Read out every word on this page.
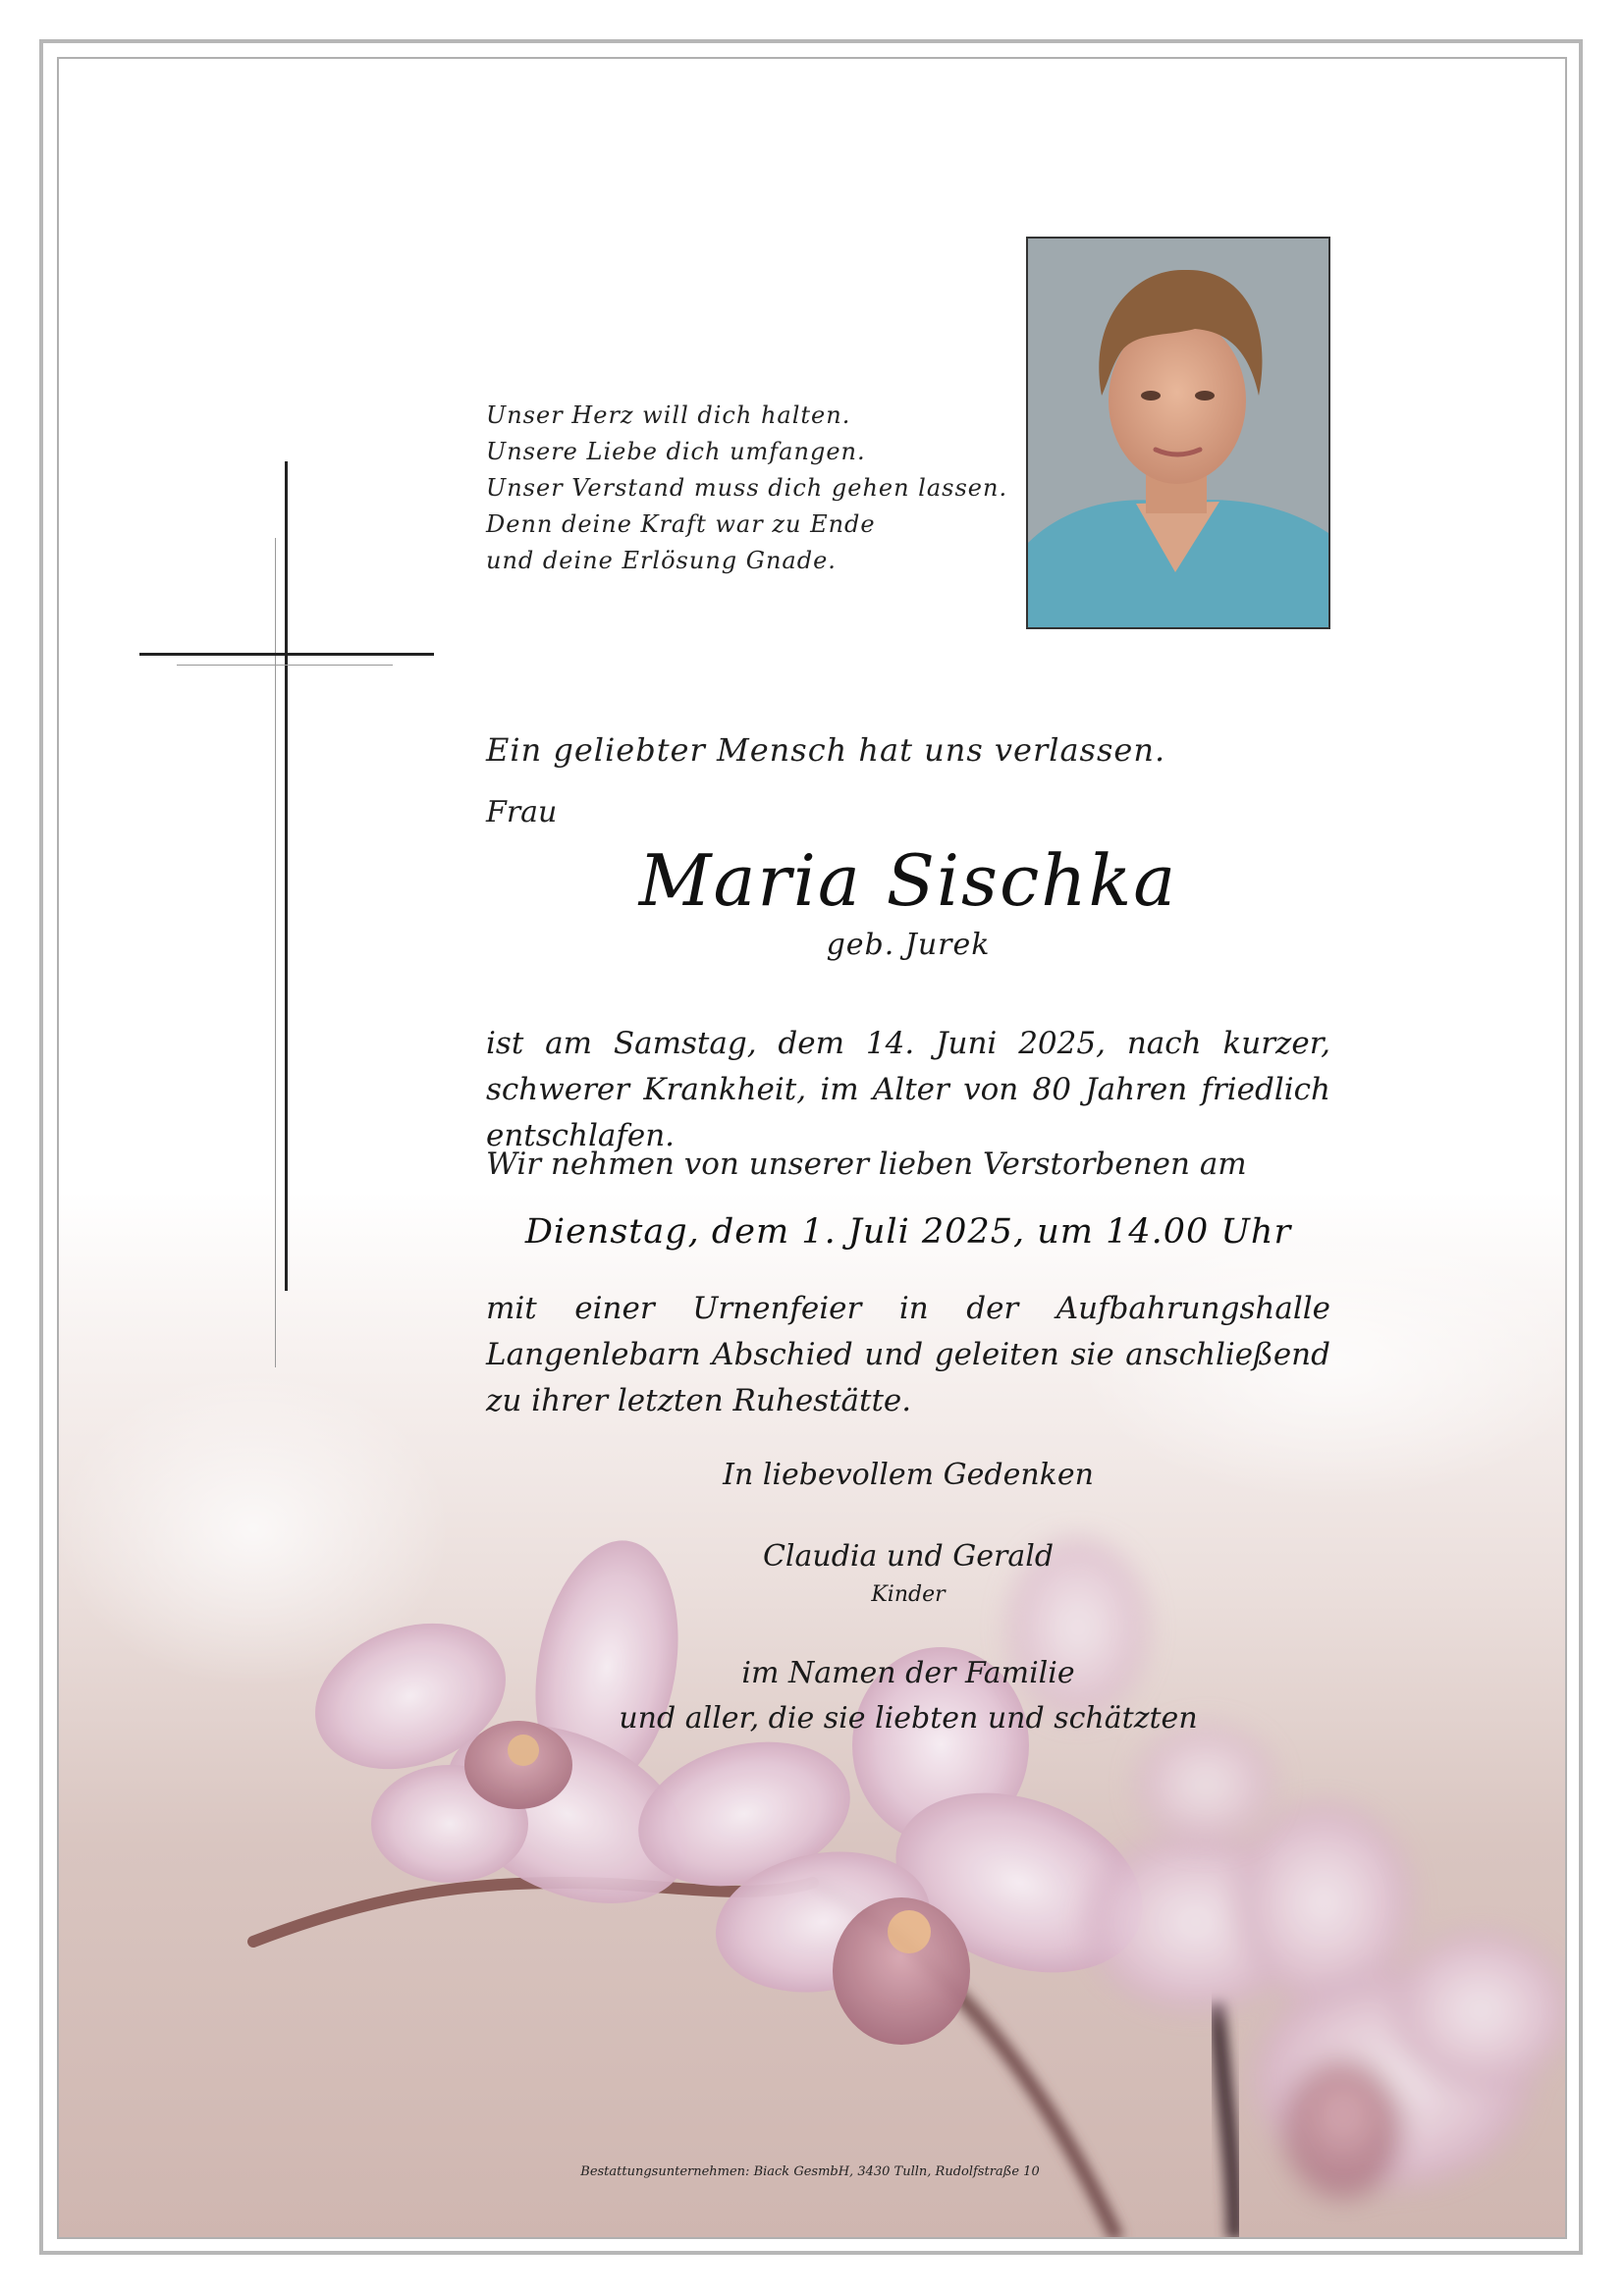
Unser Herz will dich halten.
Unsere Liebe dich umfangen.
Unser Verstand muss dich gehen lassen.
Denn deine Kraft war zu Ende
und deine Erlösung Gnade.
Ein geliebter Mensch hat uns verlassen.
Frau
Maria Sischka
geb. Jurek
ist am Samstag, dem 14. Juni 2025, nach kurzer, schwerer Krankheit, im Alter von 80 Jahren friedlich entschlafen.
Wir nehmen von unserer lieben Verstorbenen am
Dienstag, dem 1. Juli 2025, um 14.00 Uhr
mit einer Urnenfeier in der Aufbahrungshalle Langenlebarn Abschied und geleiten sie anschließend zu ihrer letzten Ruhestätte.
In liebevollem Gedenken
Claudia und Gerald
Kinder
im Namen der Familie
und aller, die sie liebten und schätzten
Bestattungsunternehmen: Biack GesmbH, 3430 Tulln, Rudolfstraße 10
